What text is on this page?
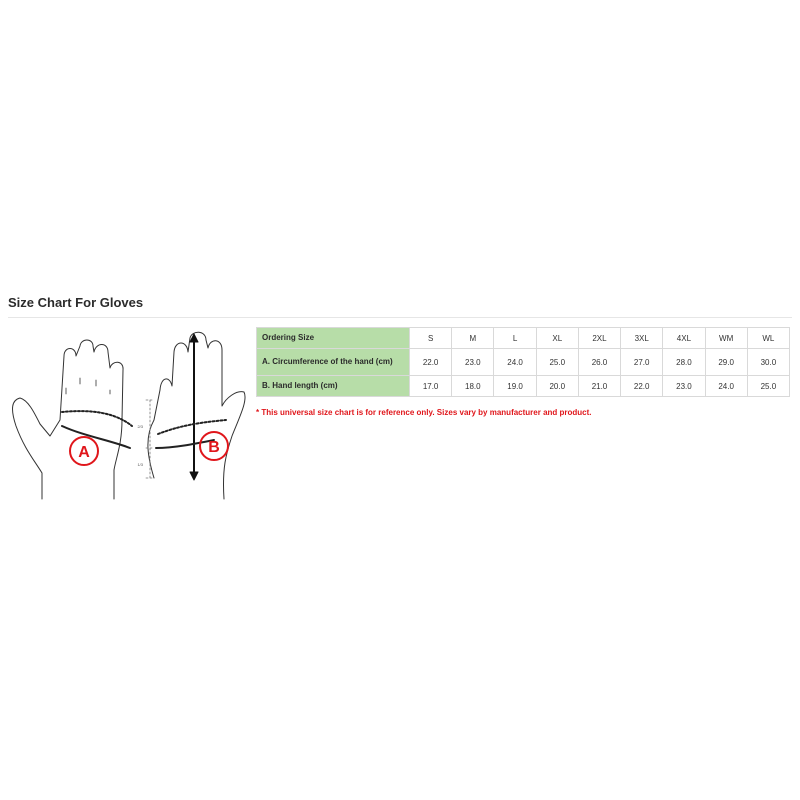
Size Chart For Gloves
A	B
2/3
1/3
Ordering Size	S	M	L	XL	2XL	3XL	4XL	WM	WL
A. Circumference of the hand (cm)	22.0	23.0	24.0	25.0	26.0	27.0	28.0	29.0	30.0
B. Hand length (cm)	17.0	18.0	19.0	20.0	21.0	22.0	23.0	24.0	25.0
* This universal size chart is for reference only. Sizes vary by manufacturer and product.
